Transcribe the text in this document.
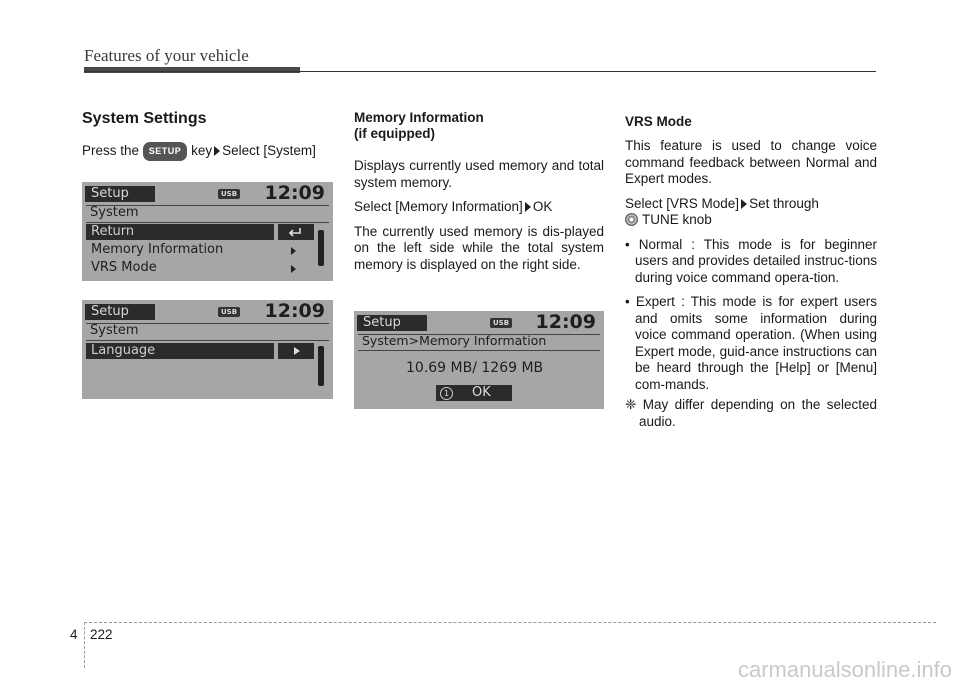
Features of your vehicle
System Settings

Press the SETUP key Select [System]

Setup	USB 12:09
System
Return
Memory Information
VRS Mode
Setup	USB 12:09
System
Language
Memory Information
(if equipped)

Displays currently used memory and total system memory.

Select [Memory Information] OK

The currently used memory is dis-played on the left side while the total system memory is displayed on the right side.

Setup	USB 12:09
System>Memory Information
10.69 MB/ 1269 MB
1	OK
VRS Mode

This feature is used to change voice command feedback between Normal and Expert modes.

Select [VRS Mode] Set through

TUNE knob

• Normal : This mode is for beginner users and provides detailed instruc-tions during voice command opera-tion.

• Expert : This mode is for expert users and omits some information during voice command operation. (When using Expert mode, guid-ance instructions can be heard through the [Help] or [Menu] com-mands.

❈ May differ depending on the selected audio.

4 222
carmanualsonline.info
